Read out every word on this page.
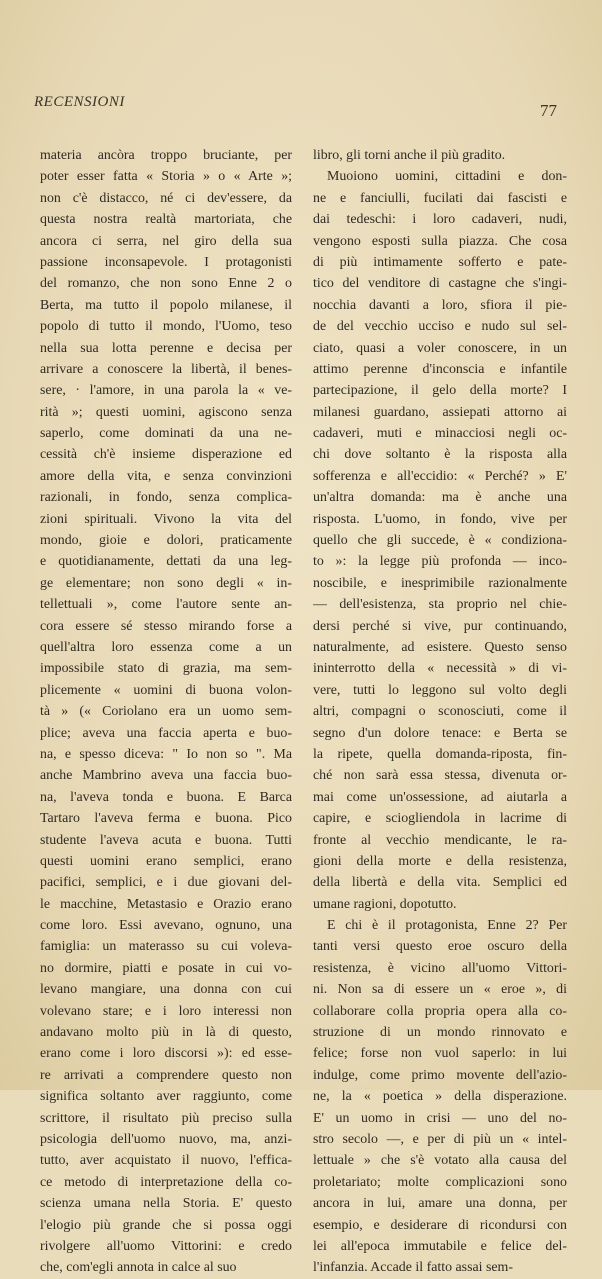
RECENSIONI	77
materia ancòra troppo bruciante, per
poter esser fatta « Storia » o « Arte »;
non c'è distacco, né ci dev'essere, da
questa nostra realtà martoriata, che
ancora ci serra, nel giro della sua
passione inconsapevole. I protagonisti
del romanzo, che non sono Enne 2 o
Berta, ma tutto il popolo milanese, il
popolo di tutto il mondo, l'Uomo, teso
nella sua lotta perenne e decisa per
arrivare a conoscere la libertà, il benes-
sere, · l'amore, in una parola la « ve-
rità »; questi uomini, agiscono senza
saperlo, come dominati da una ne-
cessità ch'è insieme disperazione ed
amore della vita, e senza convinzioni
razionali, in fondo, senza complica-
zioni spirituali. Vivono la vita del
mondo, gioie e dolori, praticamente
e quotidianamente, dettati da una leg-
ge elementare; non sono degli « in-
tellettuali », come l'autore sente an-
cora essere sé stesso mirando forse a
quell'altra loro essenza come a un
impossibile stato di grazia, ma sem-
plicemente « uomini di buona volon-
tà » (« Coriolano era un uomo sem-
plice; aveva una faccia aperta e buo-
na, e spesso diceva: " Io non so ". Ma
anche Mambrino aveva una faccia buo-
na, l'aveva tonda e buona. E Barca
Tartaro l'aveva ferma e buona. Pico
studente l'aveva acuta e buona. Tutti
questi uomini erano semplici, erano
pacifici, semplici, e i due giovani del-
le macchine, Metastasio e Orazio erano
come loro. Essi avevano, ognuno, una
famiglia: un materasso su cui voleva-
no dormire, piatti e posate in cui vo-
levano mangiare, una donna con cui
volevano stare; e i loro interessi non
andavano molto più in là di questo,
erano come i loro discorsi »): ed esse-
re arrivati a comprendere questo non
significa soltanto aver raggiunto, come
scrittore, il risultato più preciso sulla
psicologia dell'uomo nuovo, ma, anzi-
tutto, aver acquistato il nuovo, l'effica-
ce metodo di interpretazione della co-
scienza umana nella Storia. E' questo
l'elogio più grande che si possa oggi
rivolgere all'uomo Vittorini: e credo
che, com'egli annota in calce al suo
libro, gli torni anche il più gradito.
Muoiono uomini, cittadini e don-
ne e fanciulli, fucilati dai fascisti e
dai tedeschi: i loro cadaveri, nudi,
vengono esposti sulla piazza. Che cosa
di più intimamente sofferto e pate-
tico del venditore di castagne che s'ingi-
nocchia davanti a loro, sfiora il pie-
de del vecchio ucciso e nudo sul sel-
ciato, quasi a voler conoscere, in un
attimo perenne d'inconscia e infantile
partecipazione, il gelo della morte? I
milanesi guardano, assiepati attorno ai
cadaveri, muti e minacciosi negli oc-
chi dove soltanto è la risposta alla
sofferenza e all'eccidio: « Perché? » E'
un'altra domanda: ma è anche una
risposta. L'uomo, in fondo, vive per
quello che gli succede, è « condiziona-
to »: la legge più profonda — inco-
noscibile, e inesprimibile razionalmente
— dell'esistenza, sta proprio nel chie-
dersi perché si vive, pur continuando,
naturalmente, ad esistere. Questo senso
ininterrotto della « necessità » di vi-
vere, tutti lo leggono sul volto degli
altri, compagni o sconosciuti, come il
segno d'un dolore tenace: e Berta se
la ripete, quella domanda-riposta, fin-
ché non sarà essa stessa, divenuta or-
mai come un'ossessione, ad aiutarla a
capire, e sciogliendola in lacrime di
fronte al vecchio mendicante, le ra-
gioni della morte e della resistenza,
della libertà e della vita. Semplici ed
umane ragioni, dopotutto.
E chi è il protagonista, Enne 2? Per
tanti versi questo eroe oscuro della
resistenza, è vicino all'uomo Vittori-
ni. Non sa di essere un « eroe », di
collaborare colla propria opera alla co-
struzione di un mondo rinnovato e
felice; forse non vuol saperlo: in lui
indulge, come primo movente dell'azio-
ne, la « poetica » della disperazione.
E' un uomo in crisi — uno del no-
stro secolo —, e per di più un « intel-
lettuale » che s'è votato alla causa del
proletariato; molte complicazioni sono
ancora in lui, amare una donna, per
esempio, e desiderare di ricondursi con
lei all'epoca immutabile e felice del-
l'infanzia. Accade il fatto assai sem-
